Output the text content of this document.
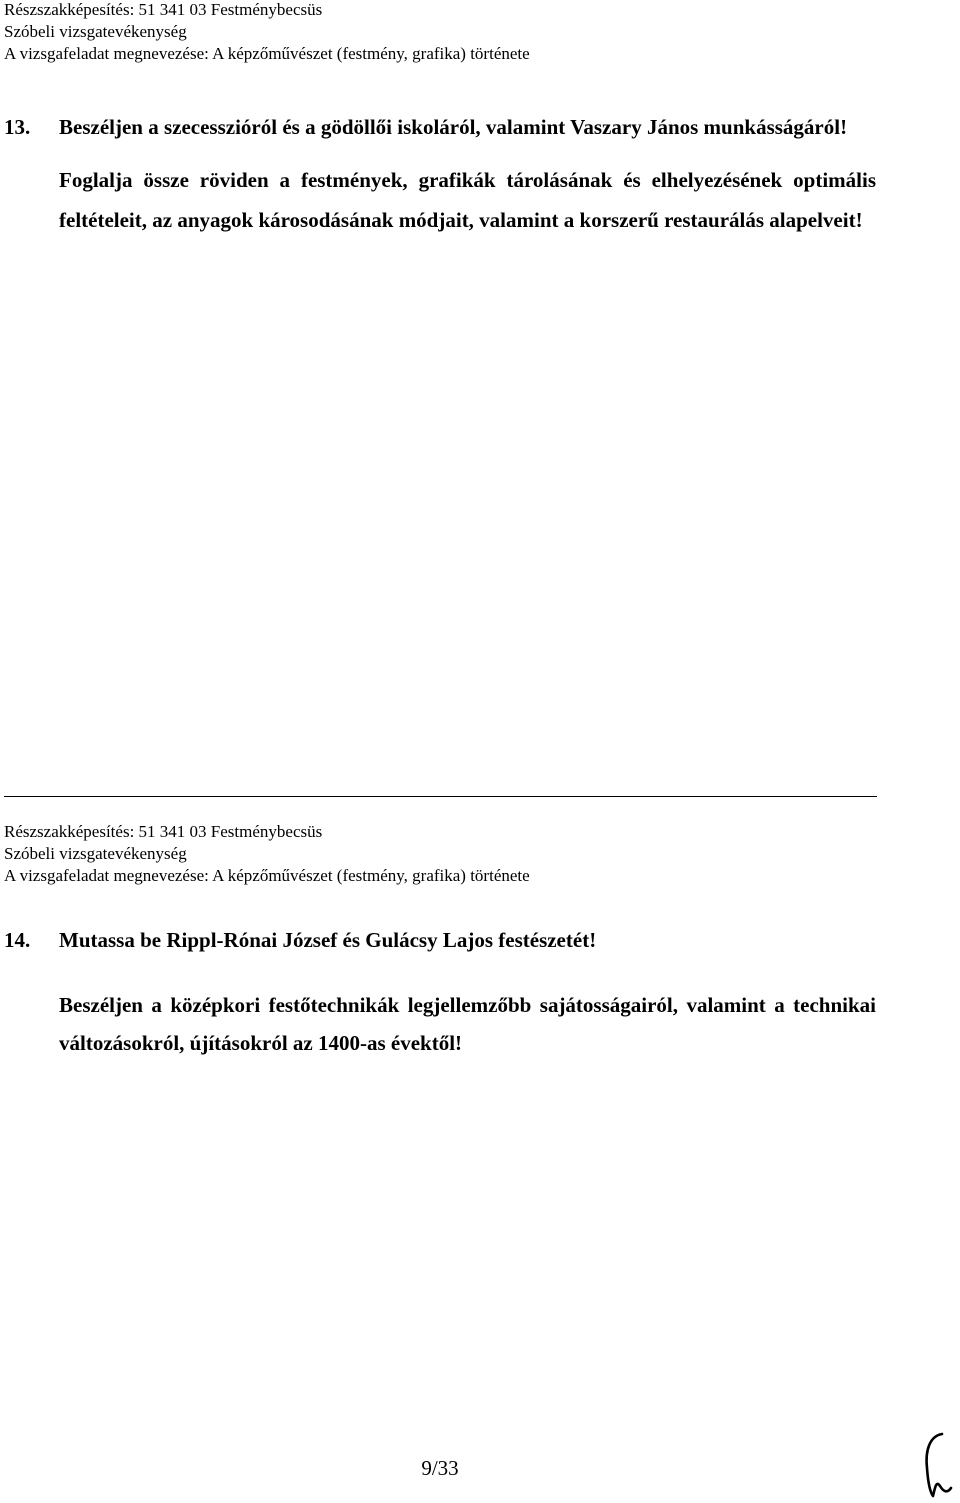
Részszakképesítés: 51 341 03 Festménybecsüs
Szóbeli vizsgatevékenység
A vizsgafeladat megnevezése: A képzőművészet (festmény, grafika) története
13.	Beszéljen a szecesszióról és a gödöllői iskoláról, valamint Vaszary János munkásságáról!
Foglalja össze röviden a festmények, grafikák tárolásának és elhelyezésének optimális feltételeit, az anyagok károsodásának módjait, valamint a korszerű restaurálás alapelveit!
Részszakképesítés: 51 341 03 Festménybecsüs
Szóbeli vizsgatevékenység
A vizsgafeladat megnevezése: A képzőművészet (festmény, grafika) története
14.	Mutassa be Rippl-Rónai József és Gulácsy Lajos festészetét!
Beszéljen a középkori festőtechnikák legjellemzőbb sajátosságairól, valamint a technikai változásokról, újításokról az 1400-as évektől!
9/33
